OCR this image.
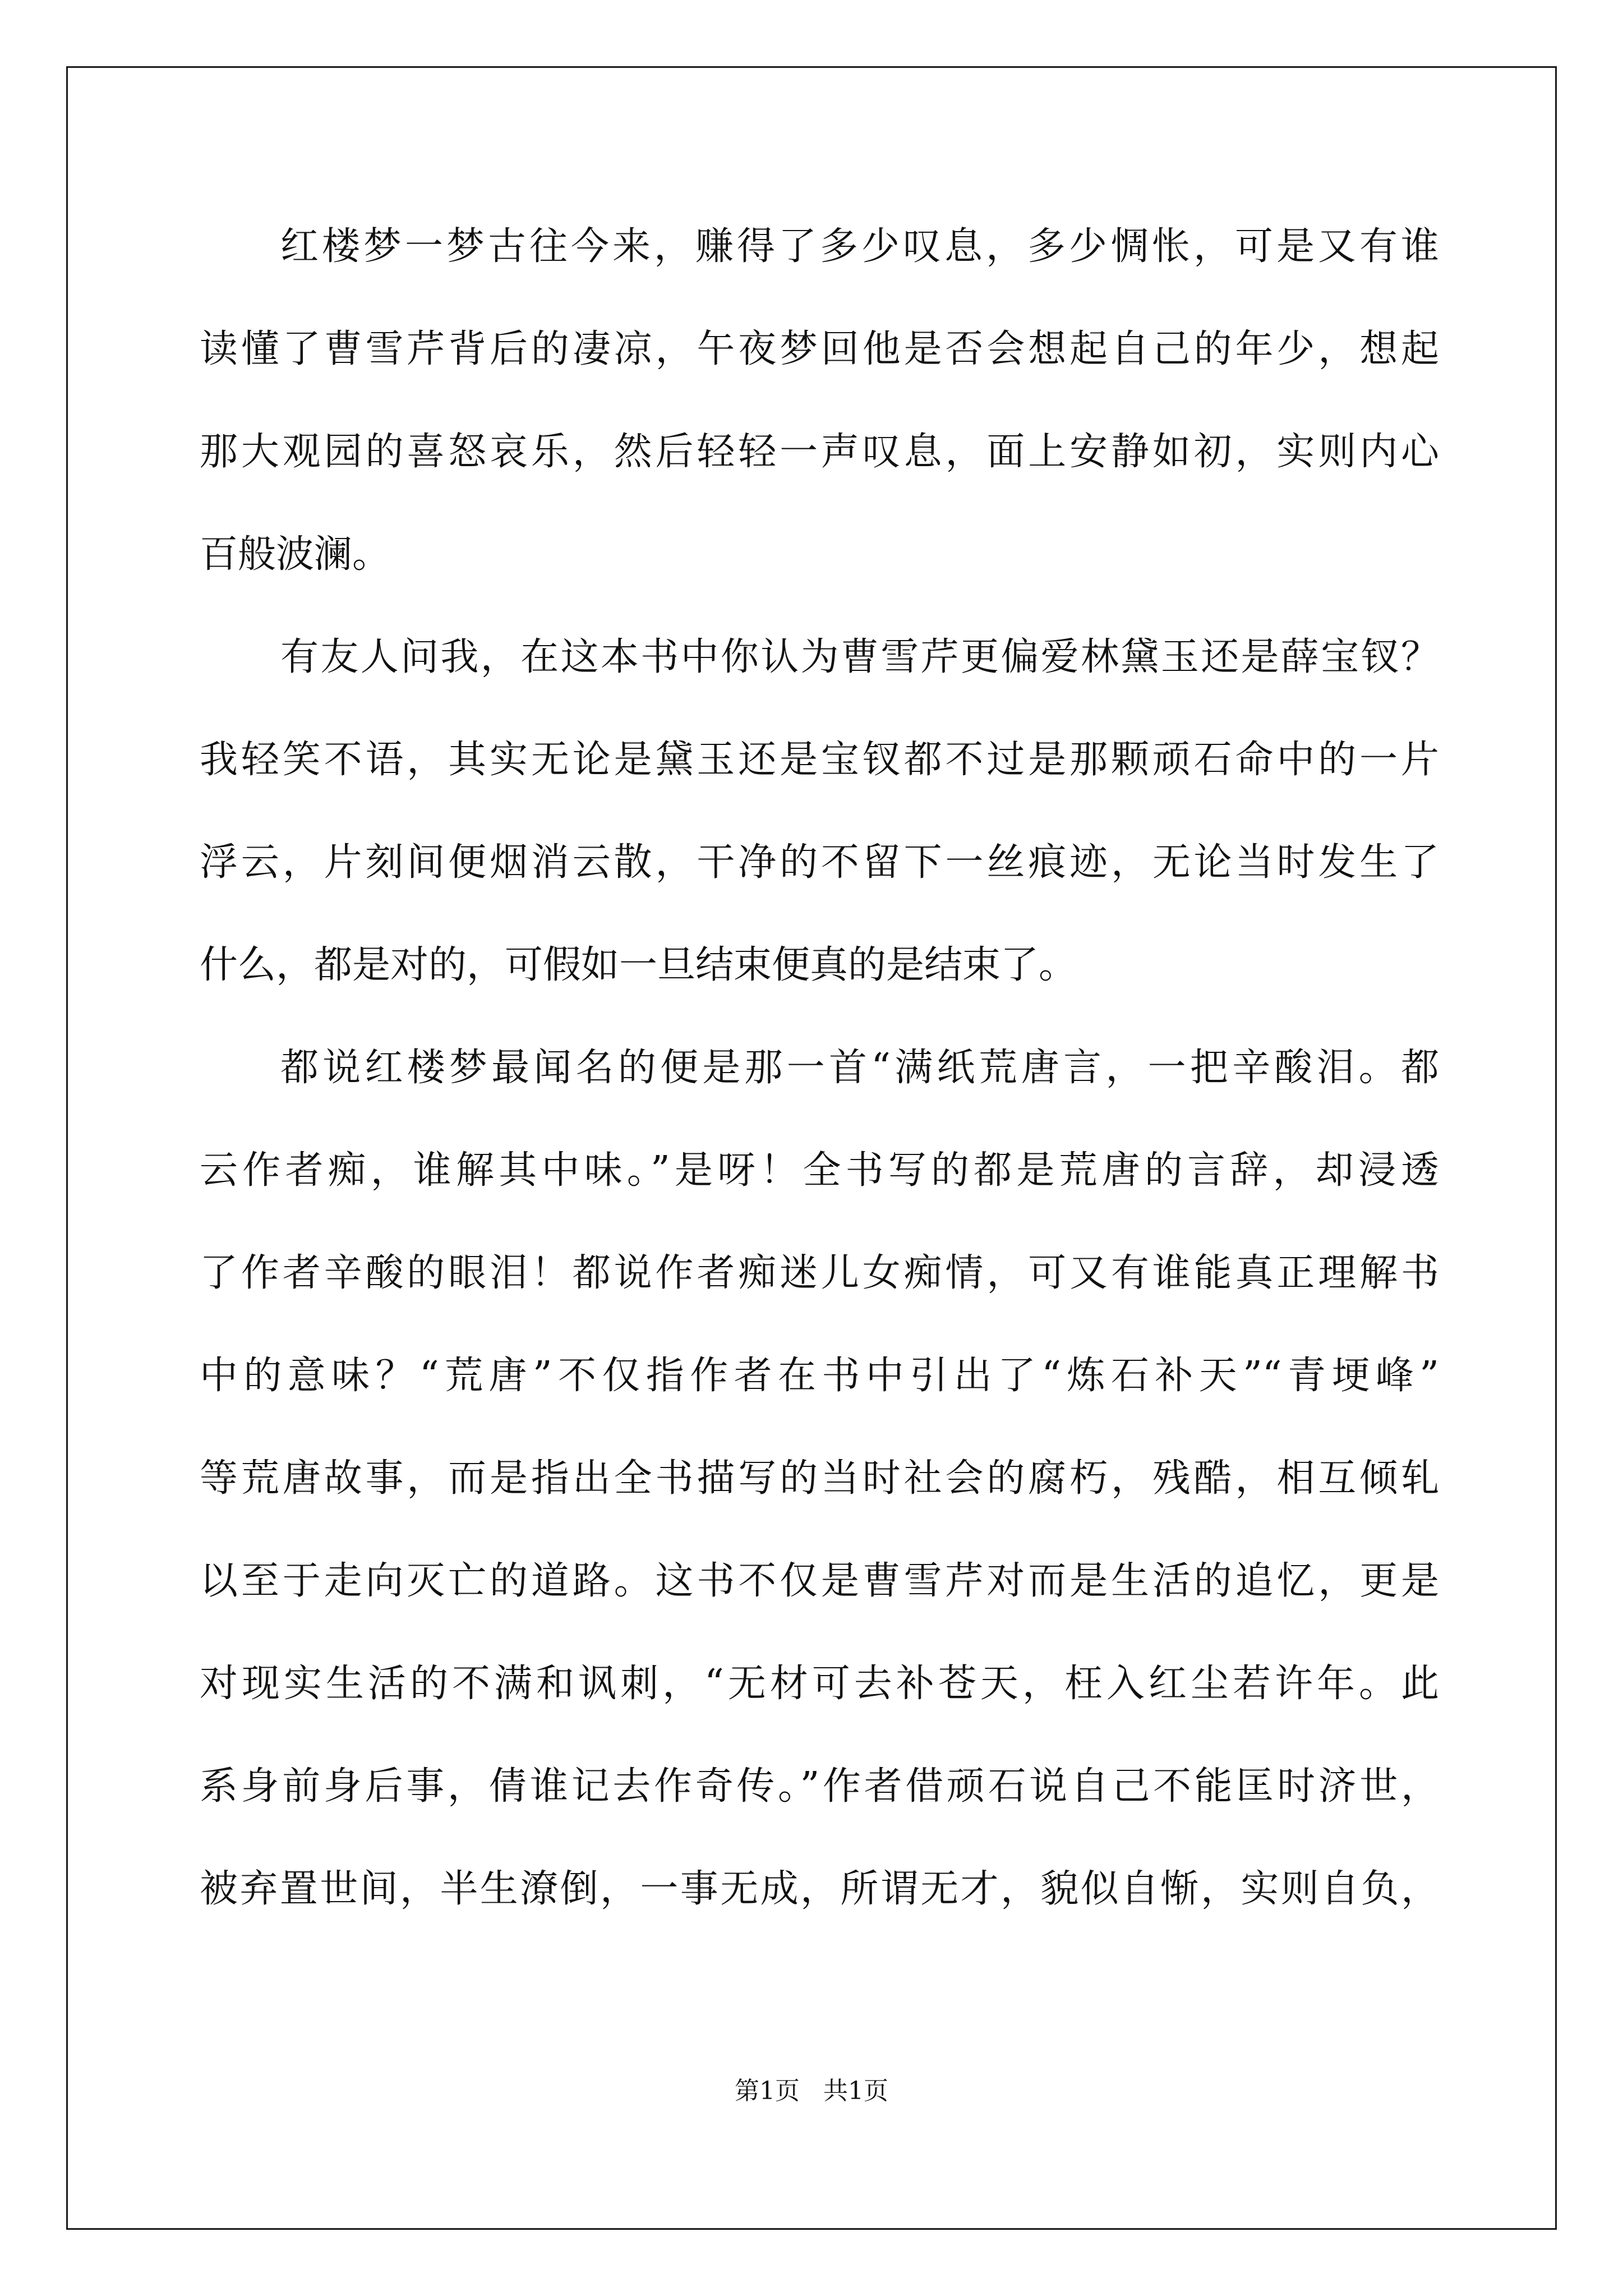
红楼梦一梦古往今来，赚得了多少叹息，多少惆怅，可是又有谁
读懂了曹雪芹背后的凄凉，午夜梦回他是否会想起自己的年少，想起
那大观园的喜怒哀乐，然后轻轻一声叹息，面上安静如初，实则内心
百般波澜。
有友人问我，在这本书中你认为曹雪芹更偏爱林黛玉还是薛宝钗？
我轻笑不语，其实无论是黛玉还是宝钗都不过是那颗顽石命中的一片
浮云，片刻间便烟消云散，干净的不留下一丝痕迹，无论当时发生了
什么，都是对的，可假如一旦结束便真的是结束了。
都说红楼梦最闻名的便是那一首“满纸荒唐言，一把辛酸泪。都
云作者痴，谁解其中味。”是呀！全书写的都是荒唐的言辞，却浸透
了作者辛酸的眼泪！都说作者痴迷儿女痴情，可又有谁能真正理解书
中的意味？“荒唐”不仅指作者在书中引出了“炼石补天”“青埂峰”
等荒唐故事，而是指出全书描写的当时社会的腐朽，残酷，相互倾轧
以至于走向灭亡的道路。这书不仅是曹雪芹对而是生活的追忆，更是
对现实生活的不满和讽刺，“无材可去补苍天，枉入红尘若许年。此
系身前身后事，倩谁记去作奇传。”作者借顽石说自己不能匡时济世，
被弃置世间，半生潦倒，一事无成，所谓无才，貌似自惭，实则自负，
第1页   共1页
